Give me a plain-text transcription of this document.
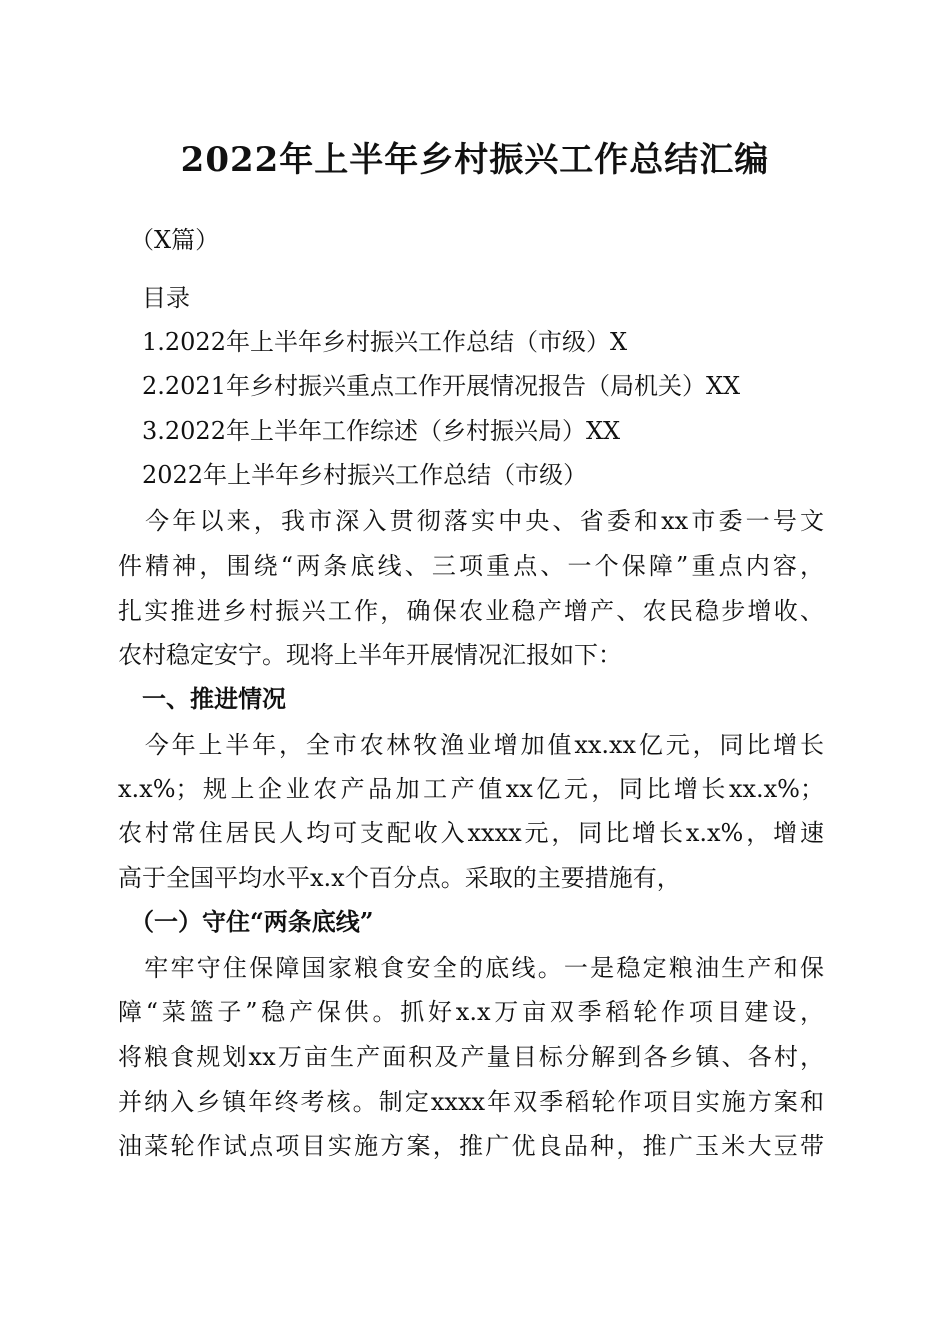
2022年上半年乡村振兴工作总结汇编
　（X篇）
　目录
　1.2022年上半年乡村振兴工作总结（市级）X
　2.2021年乡村振兴重点工作开展情况报告（局机关）XX
　3.2022年上半年工作综述（乡村振兴局）XX
　2022年上半年乡村振兴工作总结（市级）
　今年以来，我市深入贯彻落实中央、省委和xx市委一号文
件精神，围绕“两条底线、三项重点、一个保障”重点内容，
扎实推进乡村振兴工作，确保农业稳产增产、农民稳步增收、
农村稳定安宁。现将上半年开展情况汇报如下：
　一、推进情况
　今年上半年，全市农林牧渔业增加值xx.xx亿元，同比增长
x.x%；规上企业农产品加工产值xx亿元，同比增长xx.x%；
农村常住居民人均可支配收入xxxx元，同比增长x.x%，增速
高于全国平均水平x.x个百分点。采取的主要措施有，
　（一）守住“两条底线”
　牢牢守住保障国家粮食安全的底线。一是稳定粮油生产和保
障“菜篮子”稳产保供。抓好x.x万亩双季稻轮作项目建设，
将粮食规划xx万亩生产面积及产量目标分解到各乡镇、各村，
并纳入乡镇年终考核。制定xxxx年双季稻轮作项目实施方案和
油菜轮作试点项目实施方案，推广优良品种，推广玉米大豆带
